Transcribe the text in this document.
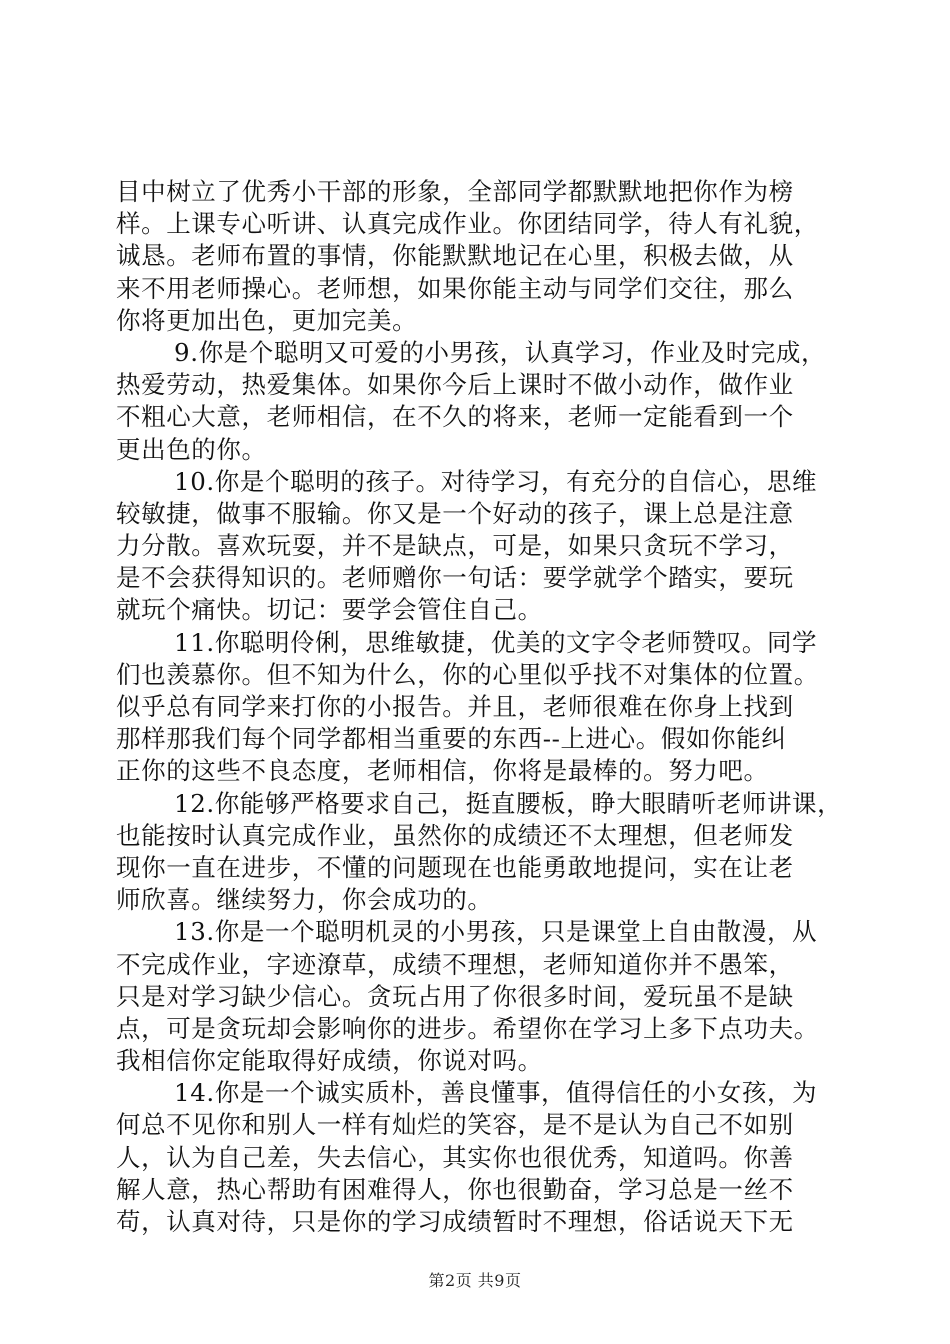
目中树立了优秀小干部的形象，全部同学都默默地把你作为榜
样。上课专心听讲、认真完成作业。你团结同学，待人有礼貌，
诚恳。老师布置的事情，你能默默地记在心里，积极去做，从
来不用老师操心。老师想，如果你能主动与同学们交往，那么
你将更加出色，更加完美。
9.你是个聪明又可爱的小男孩，认真学习，作业及时完成，
热爱劳动，热爱集体。如果你今后上课时不做小动作，做作业
不粗心大意，老师相信，在不久的将来，老师一定能看到一个
更出色的你。
10.你是个聪明的孩子。对待学习，有充分的自信心，思维
较敏捷，做事不服输。你又是一个好动的孩子，课上总是注意
力分散。喜欢玩耍，并不是缺点，可是，如果只贪玩不学习，
是不会获得知识的。老师赠你一句话：要学就学个踏实，要玩
就玩个痛快。切记：要学会管住自己。
11.你聪明伶俐，思维敏捷，优美的文字令老师赞叹。同学
们也羡慕你。但不知为什么，你的心里似乎找不对集体的位置。
似乎总有同学来打你的小报告。并且，老师很难在你身上找到
那样那我们每个同学都相当重要的东西--上进心。假如你能纠
正你的这些不良态度，老师相信，你将是最棒的。努力吧。
12.你能够严格要求自己，挺直腰板，睁大眼睛听老师讲课，
也能按时认真完成作业，虽然你的成绩还不太理想，但老师发
现你一直在进步，不懂的问题现在也能勇敢地提问，实在让老
师欣喜。继续努力，你会成功的。
13.你是一个聪明机灵的小男孩，只是课堂上自由散漫，从
不完成作业，字迹潦草，成绩不理想，老师知道你并不愚笨，
只是对学习缺少信心。贪玩占用了你很多时间，爱玩虽不是缺
点，可是贪玩却会影响你的进步。希望你在学习上多下点功夫。
我相信你定能取得好成绩，你说对吗。
14.你是一个诚实质朴，善良懂事，值得信任的小女孩，为
何总不见你和别人一样有灿烂的笑容，是不是认为自己不如别
人，认为自己差，失去信心，其实你也很优秀，知道吗。你善
解人意，热心帮助有困难得人，你也很勤奋，学习总是一丝不
苟，认真对待，只是你的学习成绩暂时不理想，俗话说天下无
第2页 共9页
